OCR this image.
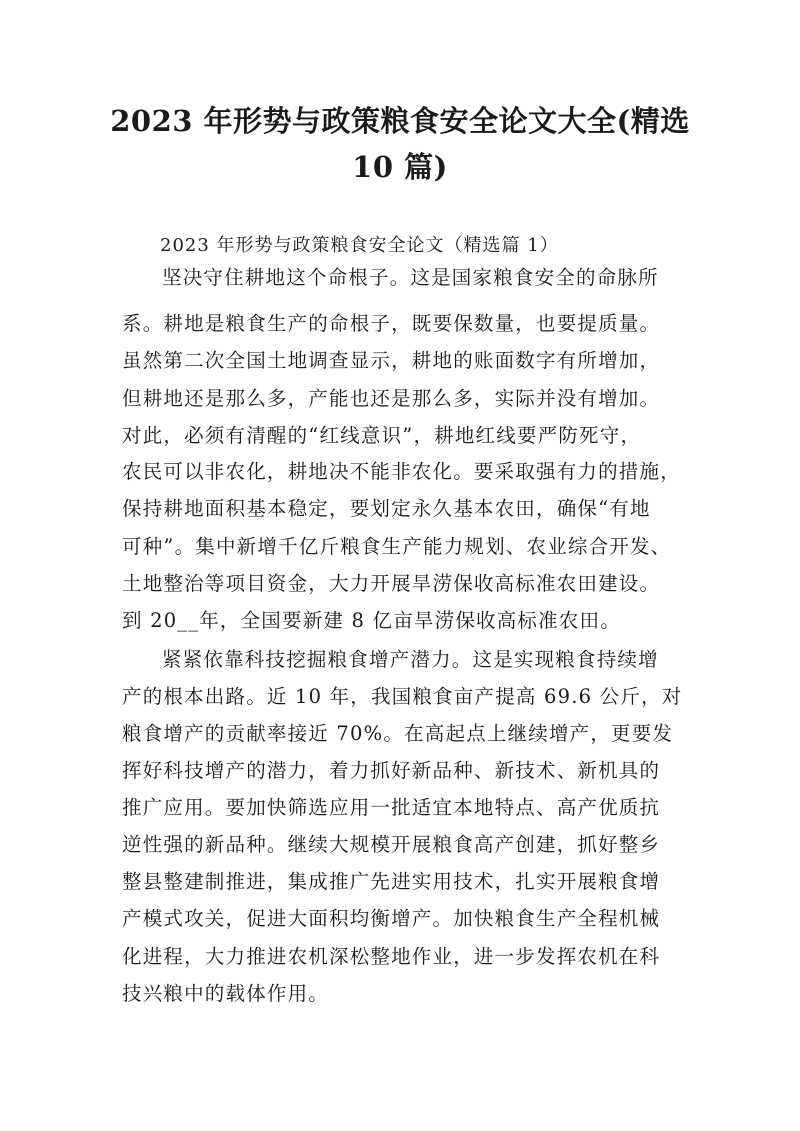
2023 年形势与政策粮食安全论文大全(精选
10 篇)
2023 年形势与政策粮食安全论文（精选篇 1）
坚决守住耕地这个命根子。这是国家粮食安全的命脉所
系。耕地是粮食生产的命根子，既要保数量，也要提质量。
虽然第二次全国土地调查显示，耕地的账面数字有所增加，
但耕地还是那么多，产能也还是那么多，实际并没有增加。
对此，必须有清醒的“红线意识”，耕地红线要严防死守，
农民可以非农化，耕地决不能非农化。要采取强有力的措施，
保持耕地面积基本稳定，要划定永久基本农田，确保“有地
可种”。集中新增千亿斤粮食生产能力规划、农业综合开发、
土地整治等项目资金，大力开展旱涝保收高标准农田建设。
到 20__年，全国要新建 8 亿亩旱涝保收高标准农田。
紧紧依靠科技挖掘粮食增产潜力。这是实现粮食持续增
产的根本出路。近 10 年，我国粮食亩产提高 69.6 公斤，对
粮食增产的贡献率接近 70%。在高起点上继续增产，更要发
挥好科技增产的潜力，着力抓好新品种、新技术、新机具的
推广应用。要加快筛选应用一批适宜本地特点、高产优质抗
逆性强的新品种。继续大规模开展粮食高产创建，抓好整乡
整县整建制推进，集成推广先进实用技术，扎实开展粮食增
产模式攻关，促进大面积均衡增产。加快粮食生产全程机械
化进程，大力推进农机深松整地作业，进一步发挥农机在科
技兴粮中的载体作用。
